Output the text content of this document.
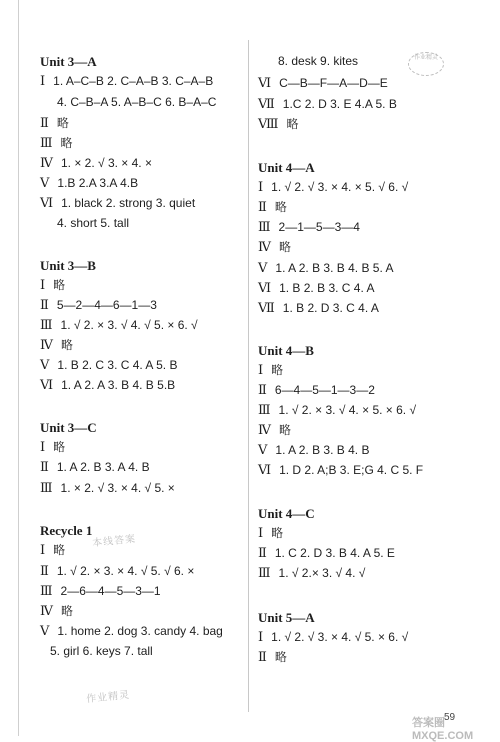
Unit 3—A
Ⅰ 1. A–C–B 2. C–A–B 3. C–A–B
4. C–B–A 5. A–B–C 6. B–A–C
Ⅱ 略
Ⅲ 略
Ⅳ 1. × 2. √ 3. × 4. ×
Ⅴ 1.B 2.A 3.A 4.B
Ⅵ 1. black 2. strong 3. quiet
4. short 5. tall
Unit 3—B
Ⅰ 略
Ⅱ 5—2—4—6—1—3
Ⅲ 1. √ 2. × 3. √ 4. √ 5. × 6. √
Ⅳ 略
Ⅴ 1. B 2. C 3. C 4. A 5. B
Ⅵ 1. A 2. A 3. B 4. B 5.B
Unit 3—C
Ⅰ 略
Ⅱ 1. A 2. B 3. A 4. B
Ⅲ 1. × 2. √ 3. × 4. √ 5. ×
Recycle 1
Ⅰ 略
Ⅱ 1. √ 2. × 3. × 4. √ 5. √ 6. ×
Ⅲ 2—6—4—5—3—1
Ⅳ 略
Ⅴ 1. home 2. dog 3. candy 4. bag
5. girl 6. keys 7. tall
8. desk 9. kites
Ⅵ C—B—F—A—D—E
Ⅶ 1.C 2. D 3. E 4.A 5. B
Ⅷ 略
Unit 4—A
Ⅰ 1. √ 2. √ 3. × 4. × 5. √ 6. √
Ⅱ 略
Ⅲ 2—1—5—3—4
Ⅳ 略
Ⅴ 1. A 2. B 3. B 4. B 5. A
Ⅵ 1. B 2. B 3. C 4. A
Ⅶ 1. B 2. D 3. C 4. A
Unit 4—B
Ⅰ 略
Ⅱ 6—4—5—1—3—2
Ⅲ 1. √ 2. × 3. √ 4. × 5. × 6. √
Ⅳ 略
Ⅴ 1. A 2. B 3. B 4. B
Ⅵ 1. D 2. A;B 3. E;G 4. C 5. F
Unit 4—C
Ⅰ 略
Ⅱ 1. C 2. D 3. B 4. A 5. E
Ⅲ 1. √ 2.× 3. √ 4. √
Unit 5—A
Ⅰ 1. √ 2. √ 3. × 4. √ 5. × 6. √
Ⅱ 略
本线答案
作业精灵
作业精灵
59
答案圈 MXQE.COM
